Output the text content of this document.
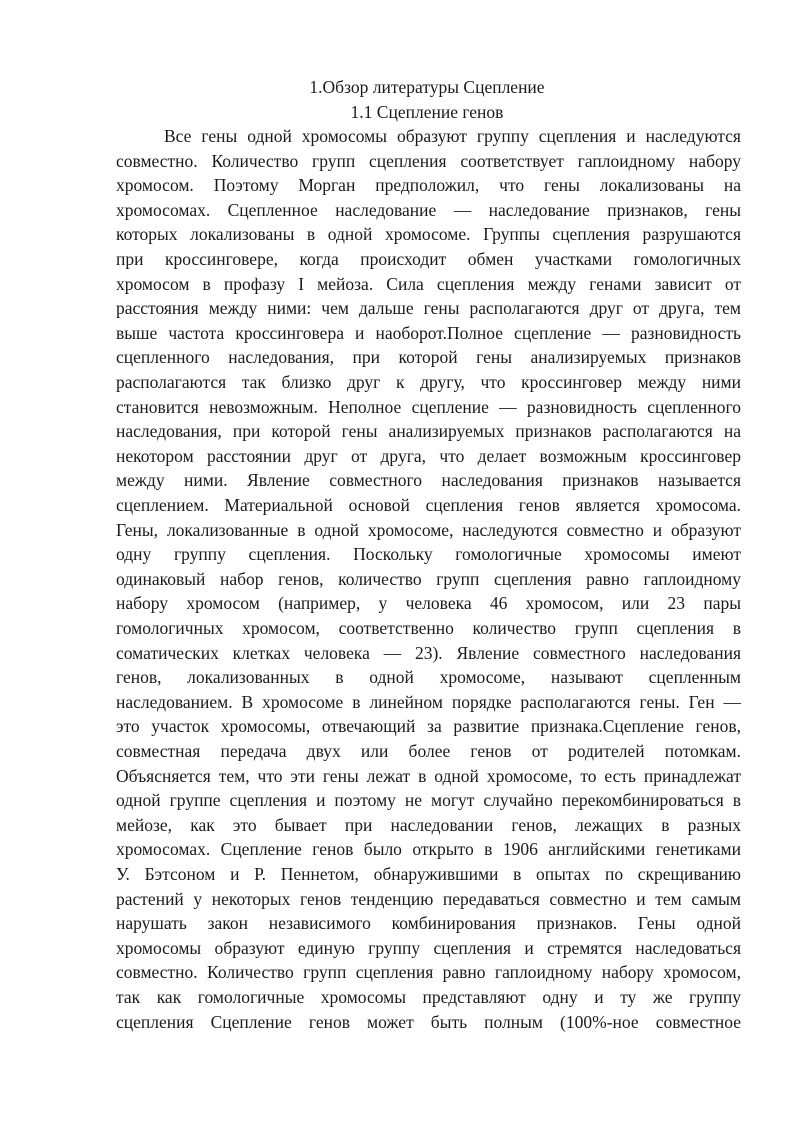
1.Обзор литературы Сцепление
1.1 Сцепление генов
Все гены одной хромосомы образуют группу сцепления и наследуются
совместно. Количество групп сцепления соответствует гаплоидному набору
хромосом. Поэтому Морган предположил, что гены локализованы на
хромосомах. Сцепленное наследование — наследование признаков, гены
которых локализованы в одной хромосоме. Группы сцепления разрушаются
при кроссинговере, когда происходит обмен участками гомологичных
хромосом в профазу I мейоза. Сила сцепления между генами зависит от
расстояния между ними: чем дальше гены располагаются друг от друга, тем
выше частота кроссинговера и наоборот.Полное сцепление — разновидность
сцепленного наследования, при которой гены анализируемых признаков
располагаются так близко друг к другу, что кроссинговер между ними
становится невозможным. Неполное сцепление — разновидность сцепленного
наследования, при которой гены анализируемых признаков располагаются на
некотором расстоянии друг от друга, что делает возможным кроссинговер
между ними. Явление совместного наследования признаков называется
сцеплением. Материальной основой сцепления генов является хромосома.
Гены, локализованные в одной хромосоме, наследуются совместно и образуют
одну группу сцепления. Поскольку гомологичные хромосомы имеют
одинаковый набор генов, количество групп сцепления равно гаплоидному
набору хромосом (например, у человека 46 хромосом, или 23 пары
гомологичных хромосом, соответственно количество групп сцепления в
соматических клетках человека — 23). Явление совместного наследования
генов, локализованных в одной хромосоме, называют сцепленным
наследованием. В хромосоме в линейном порядке располагаются гены. Ген —
это участок хромосомы, отвечающий за развитие признака.Сцепление генов,
совместная передача двух или более генов от родителей потомкам.
Объясняется тем, что эти гены лежат в одной хромосоме, то есть принадлежат
одной группе сцепления и поэтому не могут случайно перекомбинироваться в
мейозе, как это бывает при наследовании генов, лежащих в разных
хромосомах. Сцепление генов было открыто в 1906 английскими генетиками
У. Бэтсоном и Р. Пеннетом, обнаружившими в опытах по скрещиванию
растений у некоторых генов тенденцию передаваться совместно и тем самым
нарушать закон независимого комбинирования признаков. Гены одной
хромосомы образуют единую группу сцепления и стремятся наследоваться
совместно. Количество групп сцепления равно гаплоидному набору хромосом,
так как гомологичные хромосомы представляют одну и ту же группу
сцепления Сцепление генов может быть полным (100%-ное совместное
